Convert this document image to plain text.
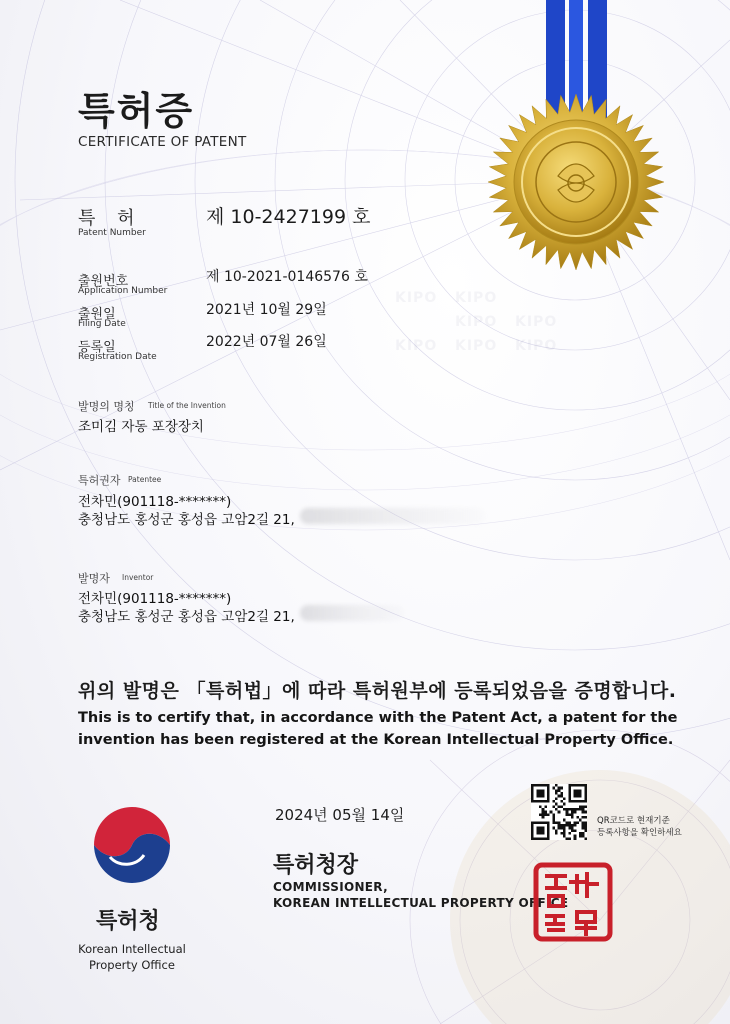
KIPO KIPO
KIPO
KIPO
KIPO KIPO KIPO
특허증
CERTIFICATE OF PATENT
특 허
Patent Number
제 10-2427199 호
출원번호
Application Number
제 10-2021-0146576 호
출원일
Filing Date
2021년 10월 29일
등록일
Registration Date
2022년 07월 26일
발명의 명칭 Title of the Invention
조미김 자동 포장장치
특허권자 Patentee
전차민(901118-*******)
충청남도 홍성군 홍성읍 고암2길 21,
발명자 Inventor
전차민(901118-*******)
충청남도 홍성군 홍성읍 고암2길 21,
위의 발명은 「특허법」에 따라 특허원부에 등록되었음을 증명합니다.
This is to certify that, in accordance with the Patent Act, a patent for the
invention has been registered at the Korean Intellectual Property Office.
특허청
Korean Intellectual
Property Office
2024년 05월 14일
특허청장
COMMISSIONER,
KOREAN INTELLECTUAL PROPERTY OFFICE
QR코드로 현재기준
등록사항을 확인하세요
